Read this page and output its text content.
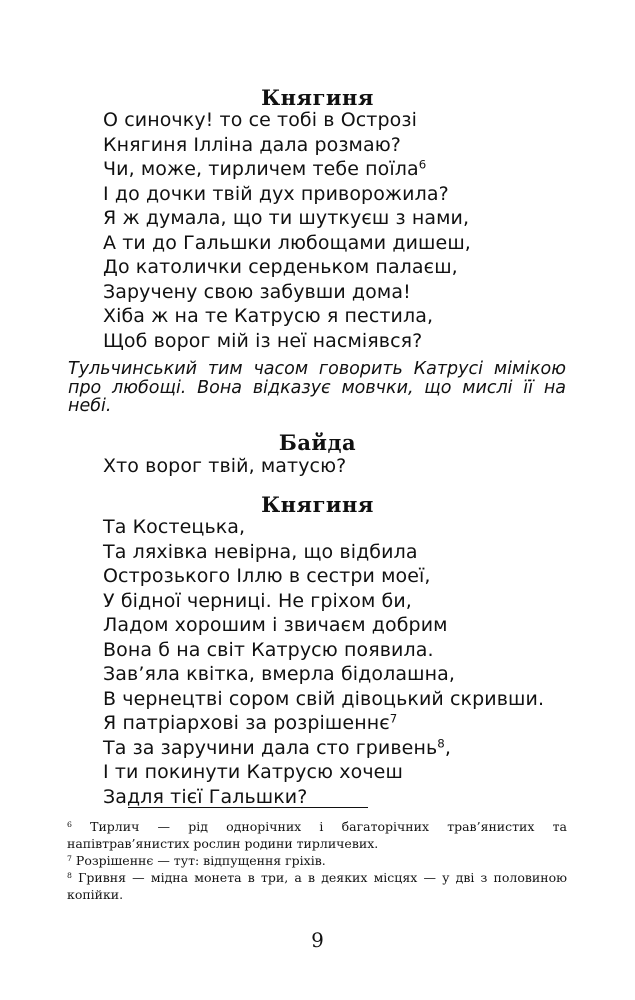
Княгиня
О синочку! то се тобі в Острозі
Княгиня Ілліна дала розмаю?
Чи, може, тирличем тебе поїла$^6$
І до дочки твій дух приворожила?
Я ж думала, що ти шуткуєш з нами,
А ти до Гальшки любощами дишеш,
До католички серденьком палаєш,
Заручену свою забувши дома!
Хіба ж на те Катрусю я пестила,
Щоб ворог мій із неї насміявся?
Тульчинський тим часом говорить Катрусі мімікою про любощі. Вона відказує мовчки, що мислі її на небі.
Байда
Хто ворог твій, матусю?
Княгиня
Та Костецька,
Та ляхівка невірна, що відбила
Острозького Іллю в сестри моеї,
У бідної черниці. Не гріхом би,
Ладом хорошим і звичаєм добрим
Вона б на світ Катрусю появила.
Зав’яла квітка, вмерла бідолашна,
В чернецтві сором свій дівоцький скривши.
Я патріархові за розрішеннє$^7$
Та за заручини дала сто гривень$^8$,
І ти покинути Катрусю хочеш
Задля тієї Гальшки?
$^6$ Тирлич — рід однорічних і багаторічних трав’янистих та напівтрав’янистих рослин родини тирличевих.
$^7$ Розрішеннє — тут: відпущення гріхів.
$^8$ Гривня — мідна монета в три, а в деяких місцях — у дві з половиною копійки.
9
